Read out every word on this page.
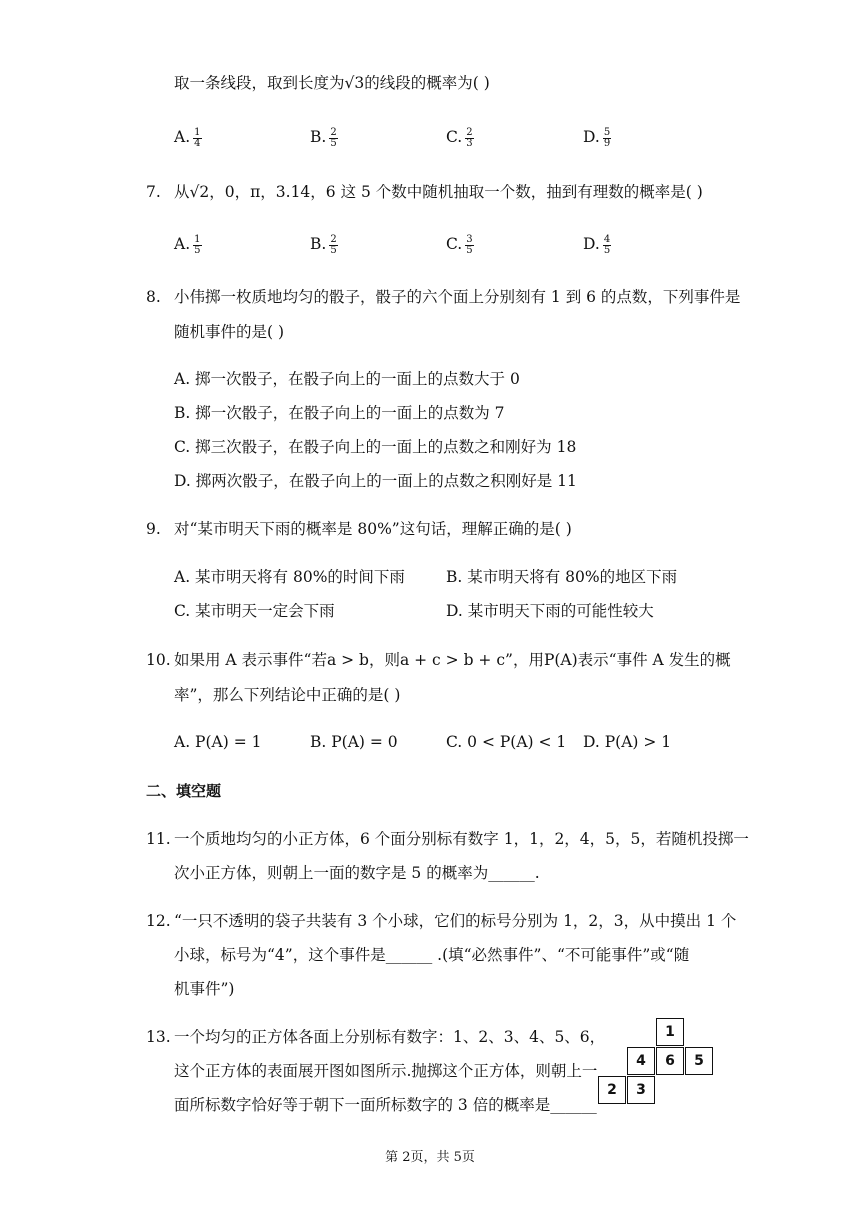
取一条线段，取到长度为√3的线段的概率为( )
A. $\frac{1}{4}$	B. $\frac{2}{5}$	C. $\frac{2}{3}$	D. $\frac{5}{9}$
7. 从√2，0，π，3.14，6 这 5 个数中随机抽取一个数，抽到有理数的概率是( )
A. $\frac{1}{5}$	B. $\frac{2}{5}$	C. $\frac{3}{5}$	D. $\frac{4}{5}$
8. 小伟掷一枚质地均匀的骰子，骰子的六个面上分别刻有 1 到 6 的点数，下列事件是
随机事件的是( )
A. 掷一次骰子，在骰子向上的一面上的点数大于 0
B. 掷一次骰子，在骰子向上的一面上的点数为 7
C. 掷三次骰子，在骰子向上的一面上的点数之和刚好为 18
D. 掷两次骰子，在骰子向上的一面上的点数之积刚好是 11
9. 对“某市明天下雨的概率是 80%”这句话，理解正确的是( )
A. 某市明天将有 80%的时间下雨	B. 某市明天将有 80%的地区下雨
C. 某市明天一定会下雨	D. 某市明天下雨的可能性较大
10. 如果用 A 表示事件“若a > b，则a + c > b + c”，用P(A)表示“事件 A 发生的概
率”，那么下列结论中正确的是( )
A. P(A) = 1	B. P(A) = 0	C. 0 < P(A) < 1 D. P(A) > 1
二、填空题
11. 一个质地均匀的小正方体，6 个面分别标有数字 1，1，2，4，5，5，若随机投掷一
次小正方体，则朝上一面的数字是 5 的概率为______.
12. “一只不透明的袋子共装有 3 个小球，它们的标号分别为 1，2，3，从中摸出 1 个
小球，标号为“4”，这个事件是______ .(填“必然事件”、“不可能事件”或“随
机事件”)
13. 一个均匀的正方体各面上分别标有数字：1、2、3、4、5、6，
这个正方体的表面展开图如图所示.抛掷这个正方体，则朝上一
面所标数字恰好等于朝下一面所标数字的 3 倍的概率是______
1
4	6	5
2	3
第 2页，共 5页
